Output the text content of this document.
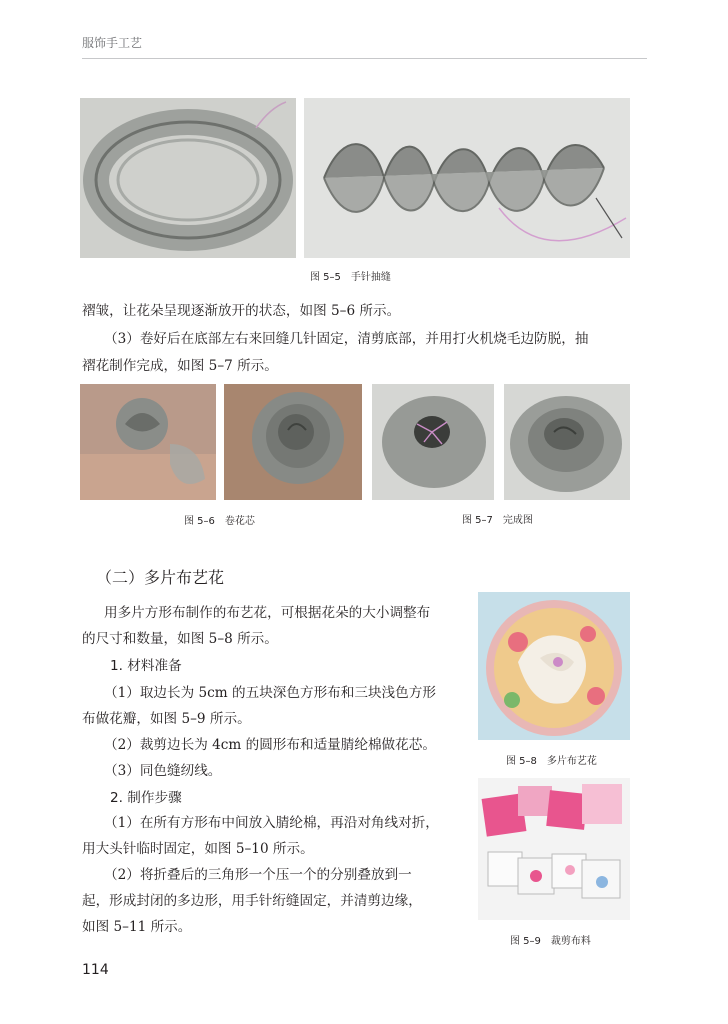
服饰手工艺
图 5–5　手针抽缝
褶皱，让花朵呈现逐渐放开的状态，如图 5–6 所示。
（3）卷好后在底部左右来回缝几针固定，清剪底部，并用打火机烧毛边防脱，抽
褶花制作完成，如图 5–7 所示。
图 5–6　卷花芯	图 5–7　完成图
（二）多片布艺花
用多片方形布制作的布艺花，可根据花朵的大小调整布
的尺寸和数量，如图 5–8 所示。
1. 材料准备
（1）取边长为 5cm 的五块深色方形布和三块浅色方形
布做花瓣，如图 5–9 所示。
（2）裁剪边长为 4cm 的圆形布和适量腈纶棉做花芯。
（3）同色缝纫线。
2. 制作步骤
（1）在所有方形布中间放入腈纶棉，再沿对角线对折，
用大头针临时固定，如图 5–10 所示。
（2）将折叠后的三角形一个压一个的分别叠放到一
起，形成封闭的多边形，用手针绗缝固定，并清剪边缘，
如图 5–11 所示。
图 5–8　多片布艺花
图 5–9　裁剪布料
114
